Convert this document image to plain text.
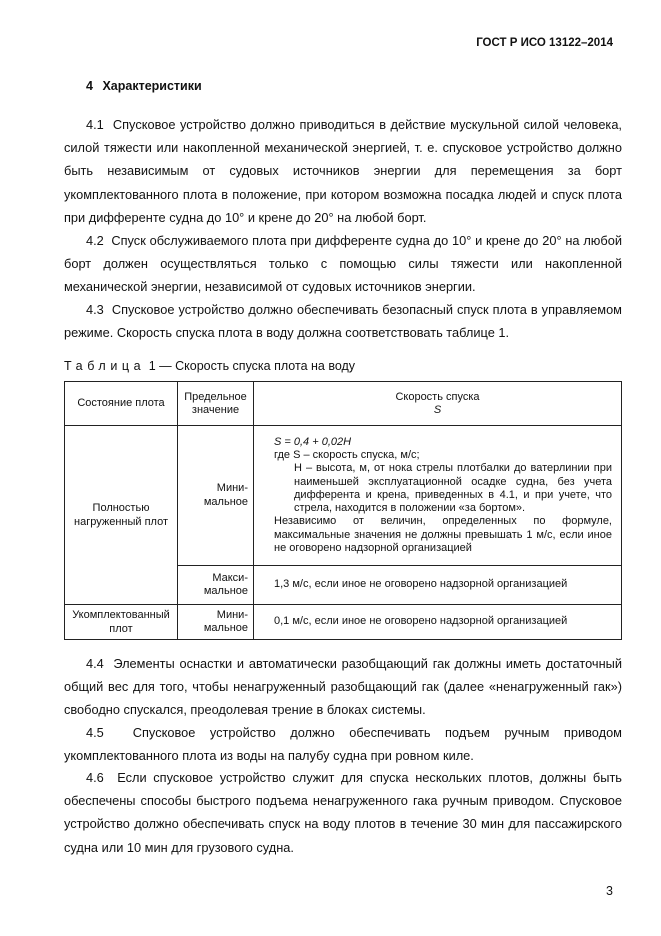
ГОСТ Р ИСО 13122–2014
4 Характеристики

4.1 Спусковое устройство должно приводиться в действие мускульной силой человека, силой тяжести или накопленной механической энергией, т. е. спусковое устройство должно быть независимым от судовых источников энергии для перемещения за борт укомплектованного плота в положение, при котором возможна посадка людей и спуск плота при дифференте судна до 10° и крене до 20° на любой борт.

4.2 Спуск обслуживаемого плота при дифференте судна до 10° и крене до 20° на любой борт должен осуществляться только с помощью силы тяжести или накопленной механической энергии, независимой от судовых источников энергии.

4.3 Спусковое устройство должно обеспечивать безопасный спуск плота в управляемом режиме. Скорость спуска плота в воду должна соответствовать таблице 1.

Таблица 1 — Скорость спуска плота на воду
Состояние плота	Предельное значение	Скорость спуска
S

Полностью нагруженный плот	Мини-мальное	S = 0,4 + 0,02H
где S – скорость спуска, м/с;
H – высота, м, от нока стрелы плотбалки до ватерлинии при наименьшей эксплуатационной осадке судна, без учета дифферента и крена, приведенных в 4.1, и при учете, что стрела, находится в положении «за бортом».
Независимо от величин, определенных по формуле, максимальные значения не должны превышать 1 м/с, если иное не оговорено надзорной организацией

	Макси-мальное	1,3 м/с, если иное не оговорено надзорной организацией
Укомплектованный плот	Мини-мальное	0,1 м/с, если иное не оговорено надзорной организацией

4.4 Элементы оснастки и автоматически разобщающий гак должны иметь достаточный общий вес для того, чтобы ненагруженный разобщающий гак (далее «ненагруженный гак») свободно спускался, преодолевая трение в блоках системы.

4.5 Спусковое устройство должно обеспечивать подъем ручным приводом укомплектованного плота из воды на палубу судна при ровном киле.

4.6 Если спусковое устройство служит для спуска нескольких плотов, должны быть обеспечены способы быстрого подъема ненагруженного гака ручным приводом. Спусковое устройство должно обеспечивать спуск на воду плотов в течение 30 мин для пассажирского судна или 10 мин для грузового судна.

3
